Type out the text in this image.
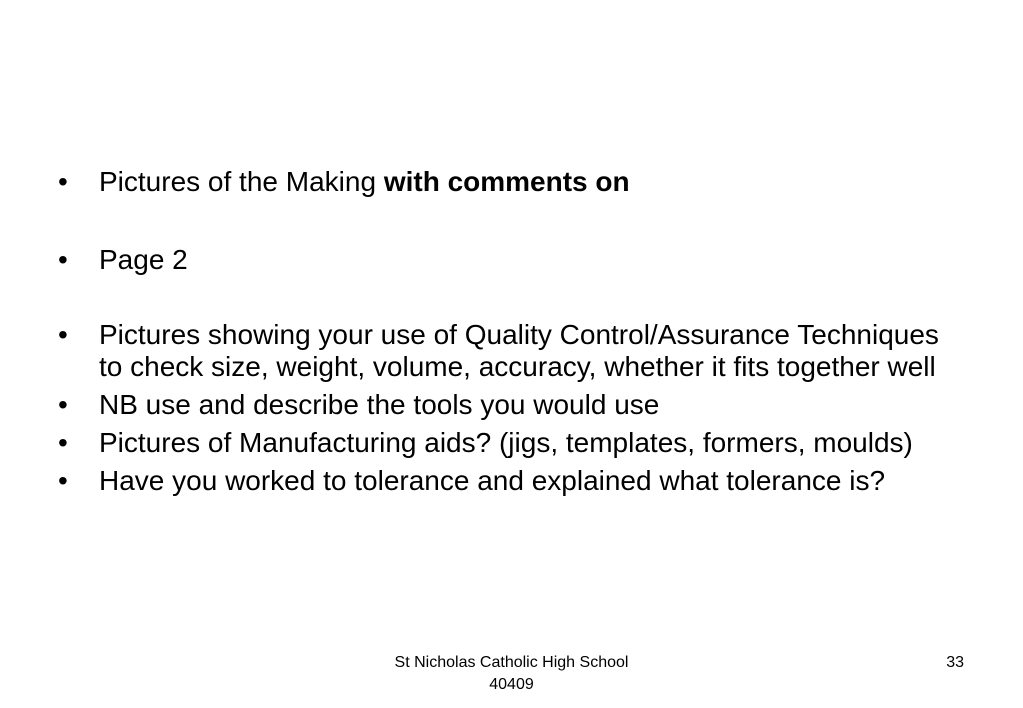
• Pictures of the Making with comments on
• Page 2
• Pictures showing your use of Quality Control/Assurance Techniques to check size, weight, volume, accuracy, whether it fits together well
• NB use and describe the tools you would use
• Pictures of Manufacturing aids? (jigs, templates, formers, moulds)
• Have you worked to tolerance and explained what tolerance is?
St Nicholas Catholic High School
40409
33
